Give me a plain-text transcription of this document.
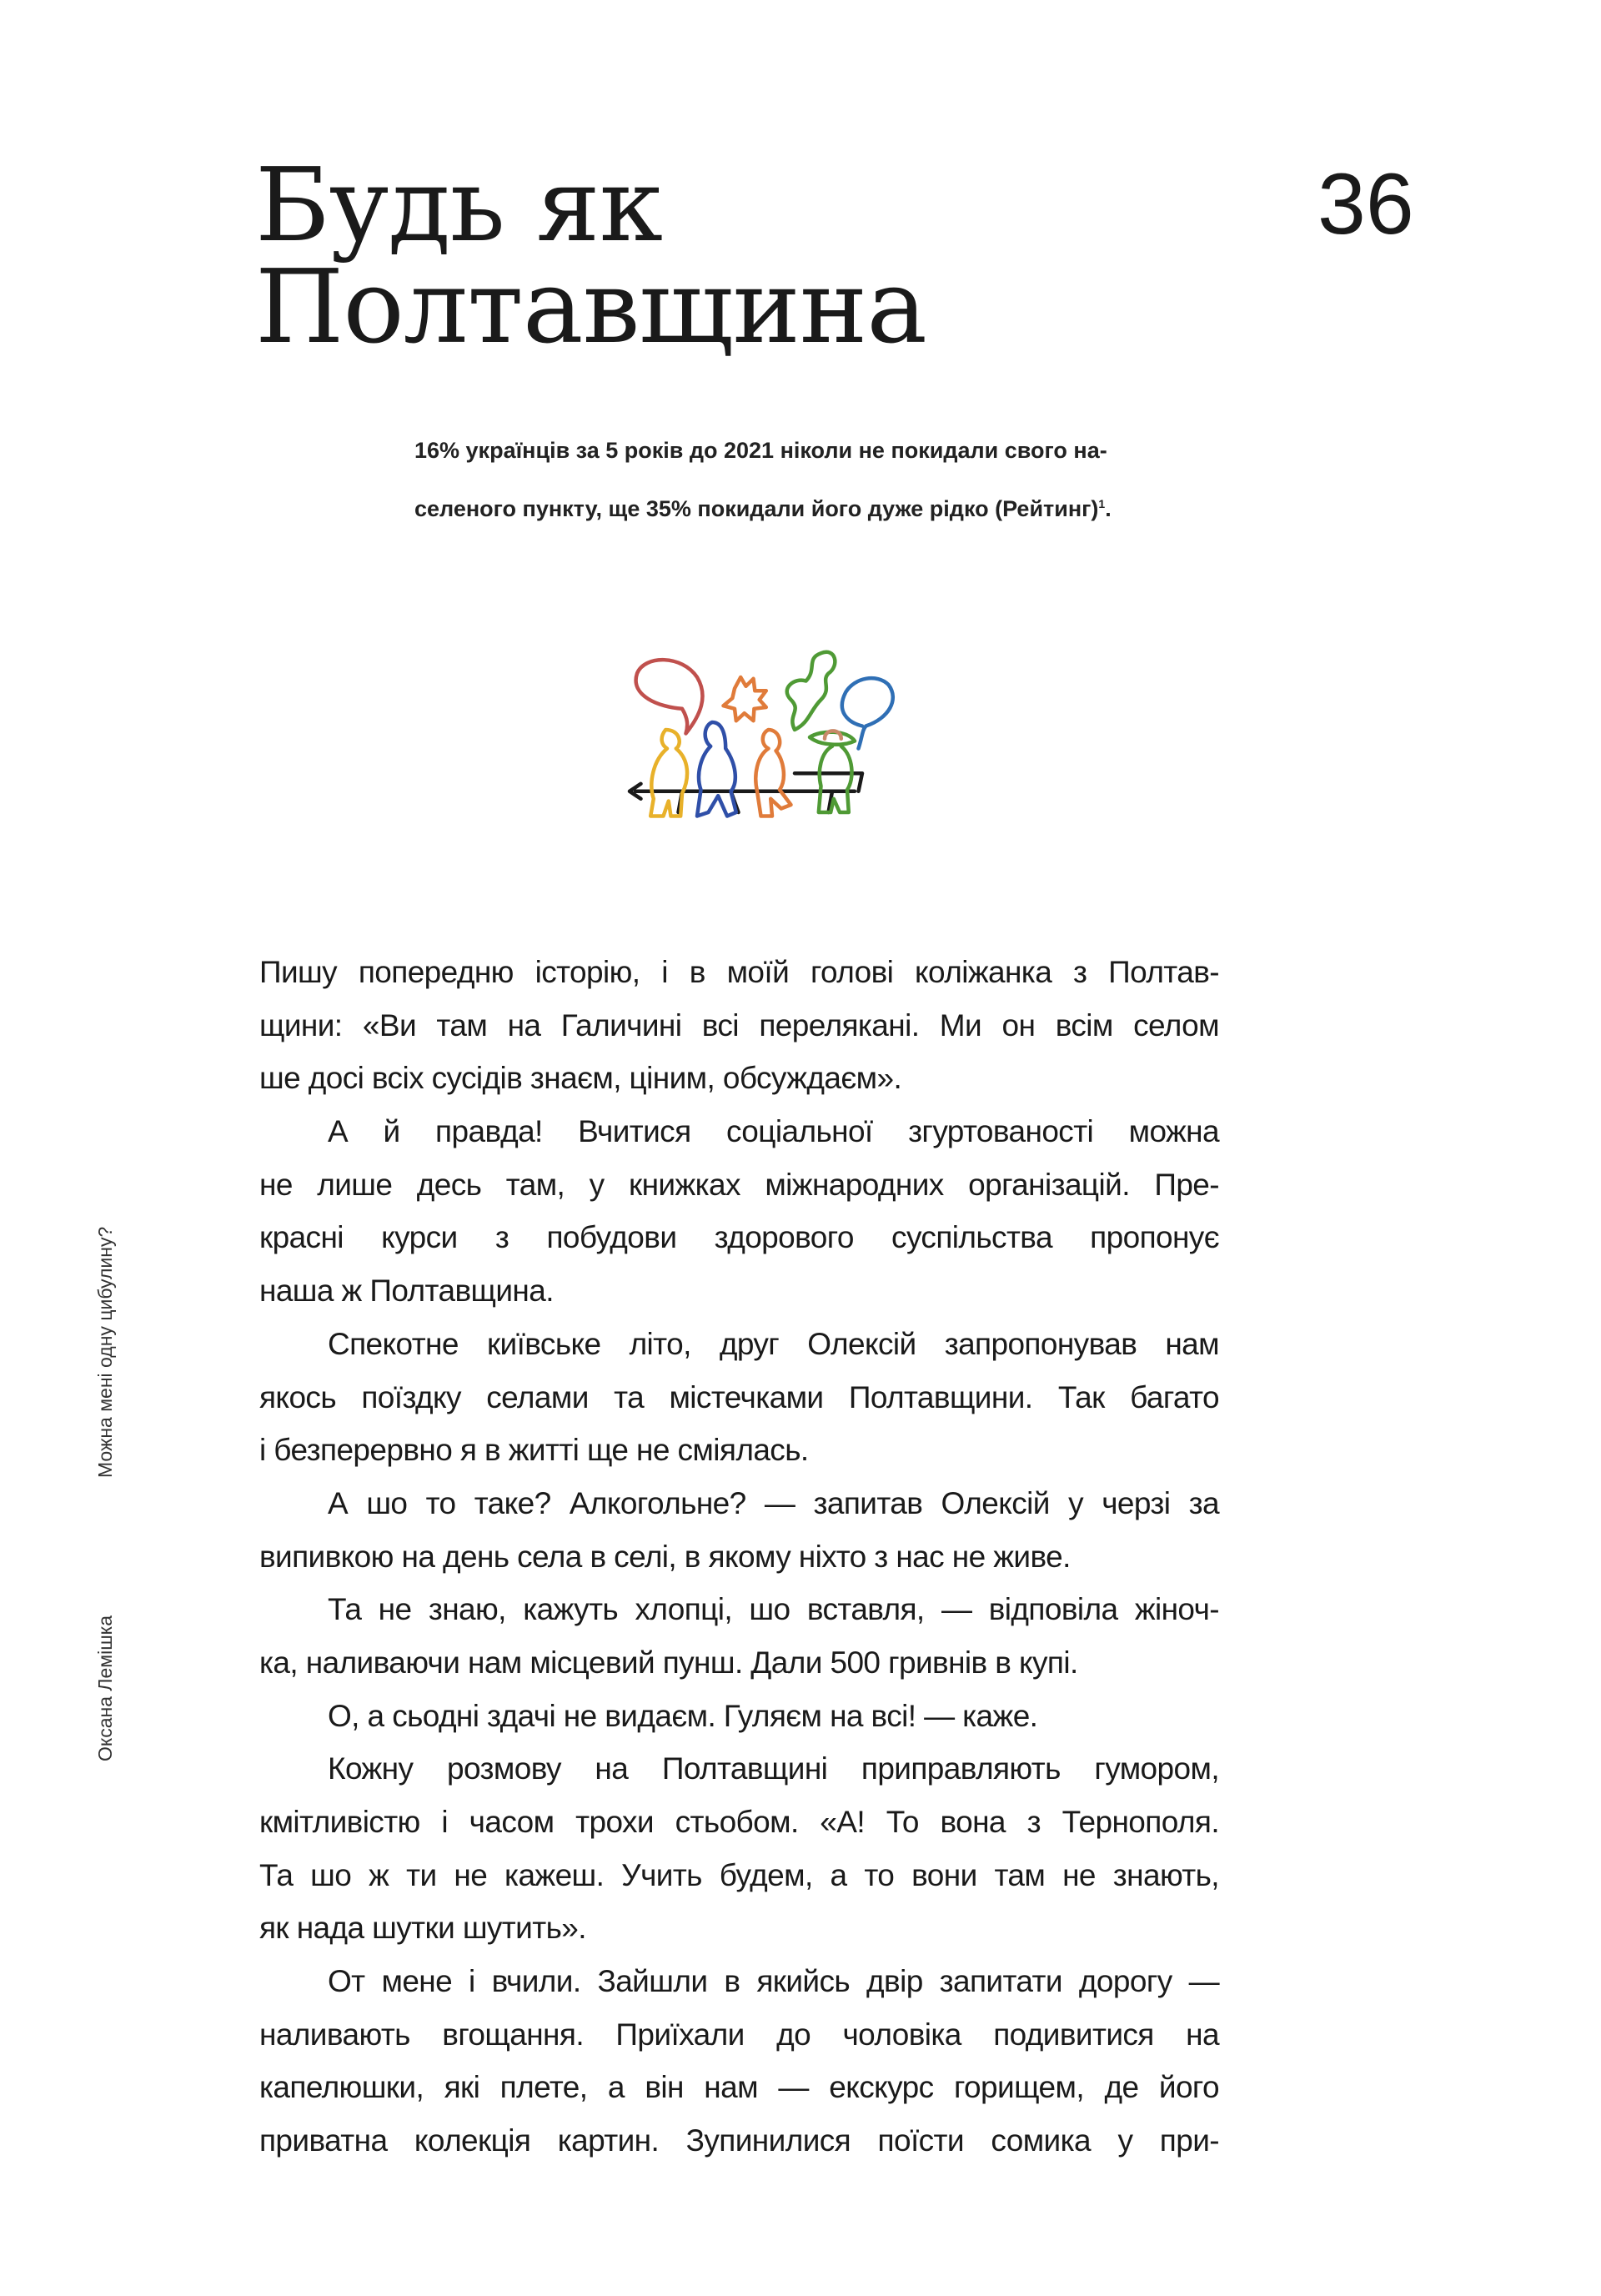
Будь як
Полтавщина
36
16% українців за 5 років до 2021 ніколи не покидали свого на-
селеного пункту, ще 35% покидали його дуже рідко (Рейтинг)$^1$.
Можна мені одну цибулину?
Оксана Лемішка
Пишу попередню історію, і в моїй голові коліжанка з Полтав-
щини: «Ви там на Галичині всі перелякані. Ми он всім селом
ше досі всіх сусідів знаєм, ціним, обсуждаєм».
А й правда! Вчитися соціальної згуртованості можна
не лише десь там, у книжках міжнародних організацій. Пре-
красні курси з побудови здорового суспільства пропонує
наша ж Полтавщина.
Спекотне київське літо, друг Олексій запропонував нам
якось поїздку селами та містечками Полтавщини. Так багато
і безперервно я в житті ще не сміялась.
А шо то таке? Алкогольне? — запитав Олексій у черзі за
випивкою на день села в селі, в якому ніхто з нас не живе.
Та не знаю, кажуть хлопці, шо вставля, — відповіла жіноч-
ка, наливаючи нам місцевий пунш. Дали 500 гривнів в купі.
О, а сьодні здачі не видаєм. Гуляєм на всі! — каже.
Кожну розмову на Полтавщині приправляють гумором,
кмітливістю і часом трохи стьобом. «А! То вона з Тернополя.
Та шо ж ти не кажеш. Учить будем, а то вони там не знають,
як нада шутки шутить».
От мене і вчили. Зайшли в якийсь двір запитати дорогу —
наливають вгощання. Приїхали до чоловіка подивитися на
капелюшки, які плете, а він нам — екскурс горищем, де його
приватна колекція картин. Зупинилися поїсти сомика у при-
